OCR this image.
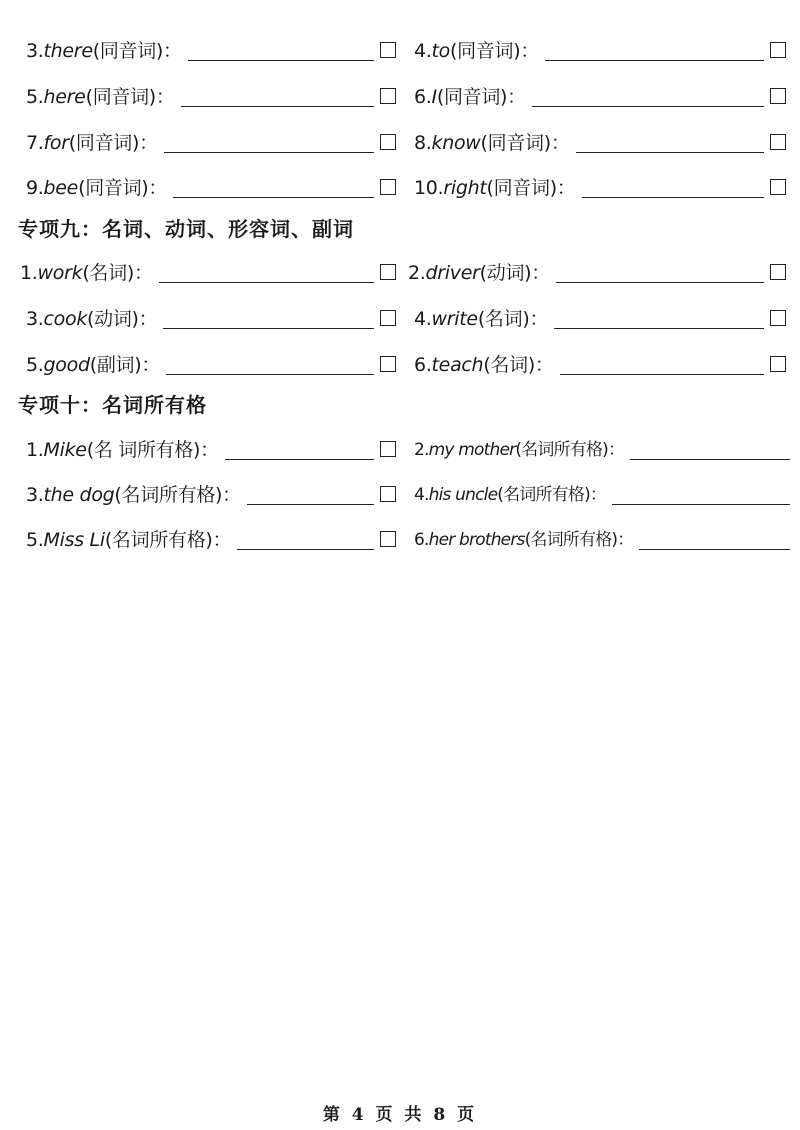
3.there(同音词)：	4.to(同音词)：
5.here(同音词)：	6.I(同音词)：
7.for(同音词)：	8.know(同音词)：
9.bee(同音词)：	10.right(同音词)：
专项九：名词、动词、形容词、副词
1.work(名词)：	2.driver(动词)：
3.cook(动词)：	4.write(名词)：
5.good(副词)：	6.teach(名词)：
专项十：名词所有格
1.Mike(名 词所有格)：	2.my mother(名词所有格)：
3.the dog(名词所有格)：	4.his uncle(名词所有格)：
5.Miss Li(名词所有格)：	6.her brothers(名词所有格)：
第 4 页 共 8 页
